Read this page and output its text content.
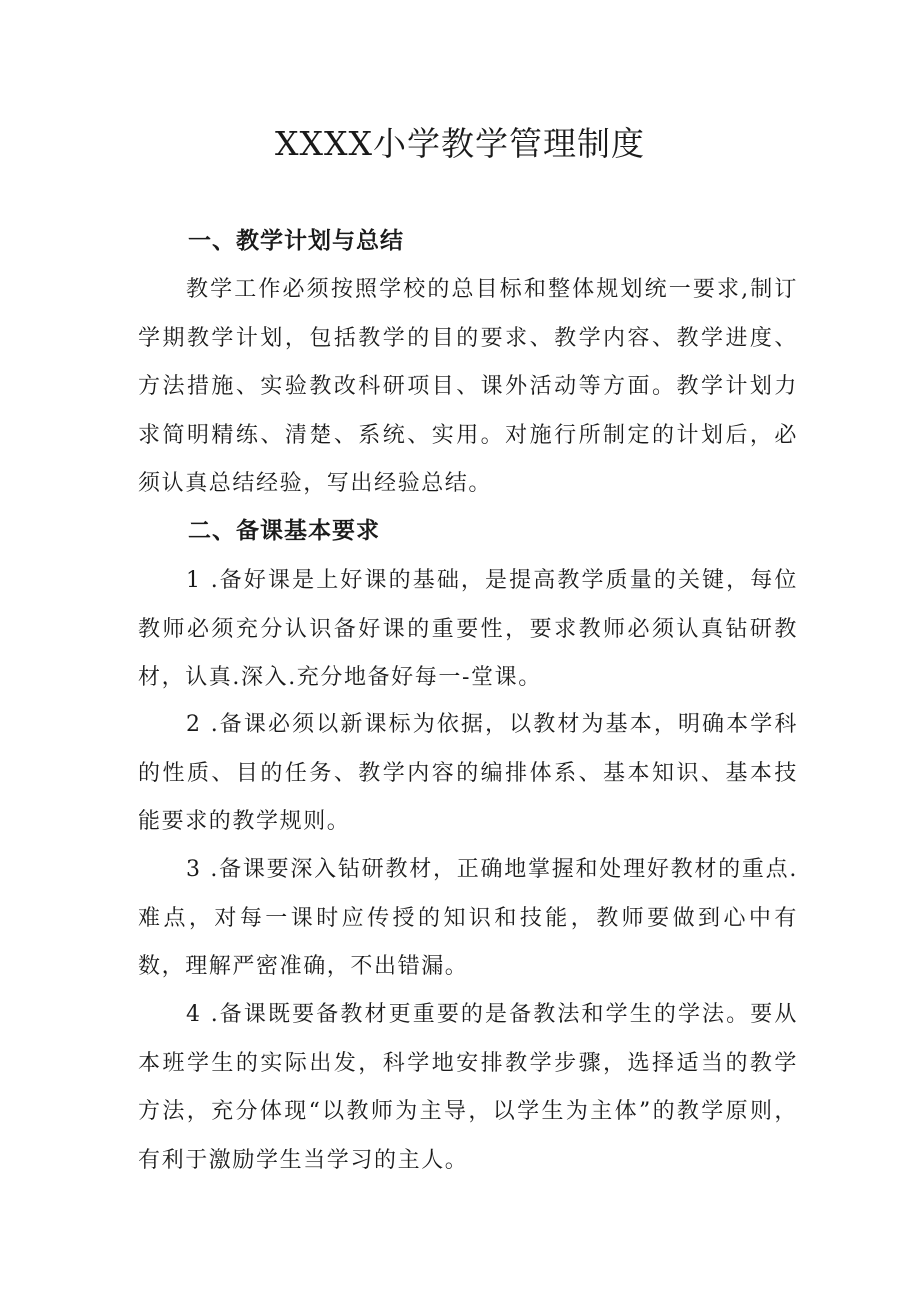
XXXX小学教学管理制度
一、教学计划与总结
教学工作必须按照学校的总目标和整体规划统一要求,制订学期教学计划，包括教学的目的要求、教学内容、教学进度、方法措施、实验教改科研项目、课外活动等方面。教学计划力求简明精练、清楚、系统、实用。对施行所制定的计划后，必须认真总结经验，写出经验总结。
二、备课基本要求
1 .备好课是上好课的基础，是提高教学质量的关键，每位教师必须充分认识备好课的重要性，要求教师必须认真钻研教材，认真.深入.充分地备好每一-堂课。
2 .备课必须以新课标为依据，以教材为基本，明确本学科的性质、目的任务、教学内容的编排体系、基本知识、基本技能要求的教学规则。
3 .备课要深入钻研教材，正确地掌握和处理好教材的重点.难点，对每一课时应传授的知识和技能，教师要做到心中有数，理解严密准确，不出错漏。
4 .备课既要备教材更重要的是备教法和学生的学法。要从本班学生的实际出发，科学地安排教学步骤，选择适当的教学方法，充分体现“以教师为主导，以学生为主体”的教学原则，有利于激励学生当学习的主人。
